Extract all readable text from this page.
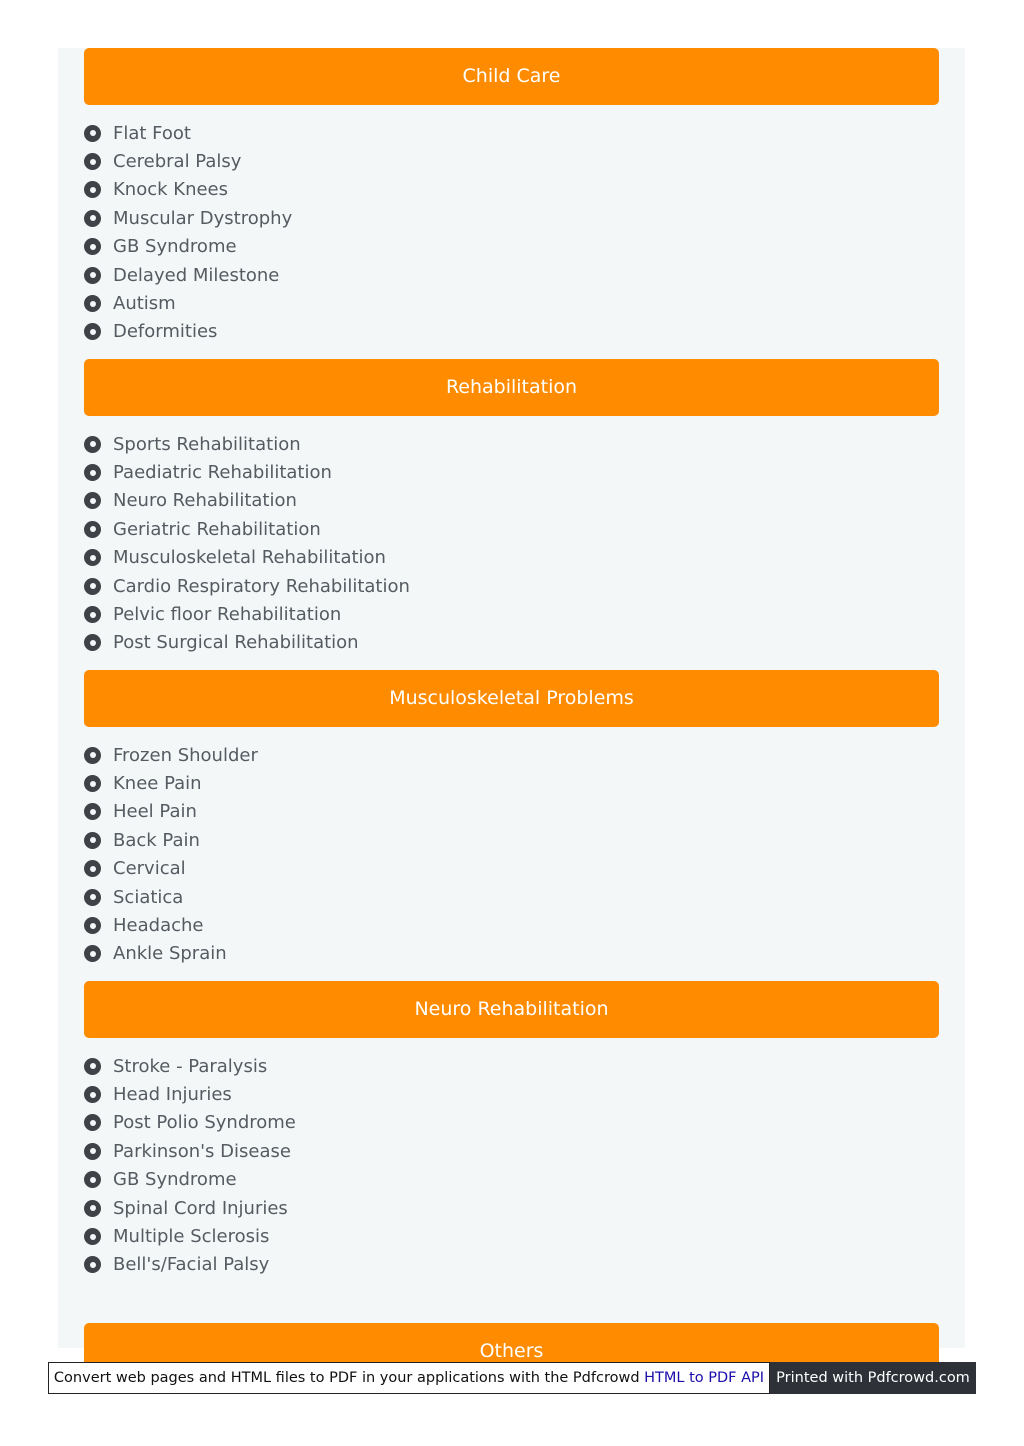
Child Care
Flat Foot
Cerebral Palsy
Knock Knees
Muscular Dystrophy
GB Syndrome
Delayed Milestone
Autism
Deformities
Rehabilitation
Sports Rehabilitation
Paediatric Rehabilitation
Neuro Rehabilitation
Geriatric Rehabilitation
Musculoskeletal Rehabilitation
Cardio Respiratory Rehabilitation
Pelvic floor Rehabilitation
Post Surgical Rehabilitation
Musculoskeletal Problems
Frozen Shoulder
Knee Pain
Heel Pain
Back Pain
Cervical
Sciatica
Headache
Ankle Sprain
Neuro Rehabilitation
Stroke - Paralysis
Head Injuries
Post Polio Syndrome
Parkinson's Disease
GB Syndrome
Spinal Cord Injuries
Multiple Sclerosis
Bell's/Facial Palsy
Others
Convert web pages and HTML files to PDF in your applications with the Pdfcrowd HTML to PDF API Printed with Pdfcrowd.com
